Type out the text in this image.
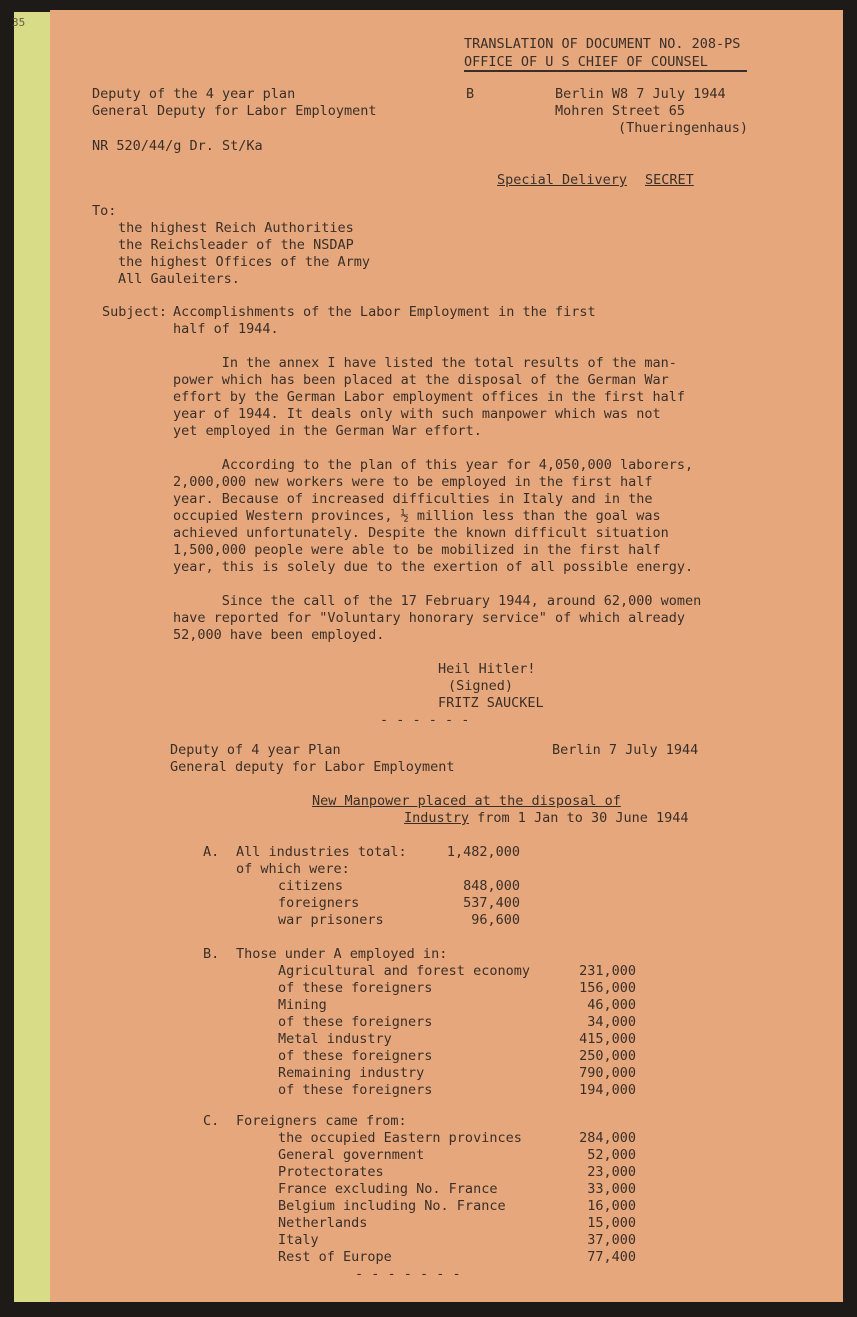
35
TRANSLATION OF DOCUMENT NO. 208-PS
OFFICE OF U S CHIEF OF COUNSEL
Deputy of the 4 year plan
General Deputy for Labor Employment
B	Berlin W8 7 July 1944
Mohren Street 65
(Thueringenhaus)
NR 520/44/g Dr. St/Ka
Special Delivery SECRET
To:
the highest Reich Authorities
the Reichsleader of the NSDAP
the highest Offices of the Army
All Gauleiters.
Subject: Accomplishments of the Labor Employment in the first
half of 1944.
In the annex I have listed the total results of the man-
power which has been placed at the disposal of the German War
effort by the German Labor employment offices in the first half
year of 1944. It deals only with such manpower which was not
yet employed in the German War effort.
According to the plan of this year for 4,050,000 laborers,
2,000,000 new workers were to be employed in the first half
year. Because of increased difficulties in Italy and in the
occupied Western provinces, ½ million less than the goal was
achieved unfortunately. Despite the known difficult situation
1,500,000 people were able to be mobilized in the first half
year, this is solely due to the exertion of all possible energy.
Since the call of the 17 February 1944, around 62,000 women
have reported for "Voluntary honorary service" of which already
52,000 have been employed.
Heil Hitler!
(Signed)
FRITZ SAUCKEL
- - - - - -
Deputy of 4 year Plan
General deputy for Labor Employment
Berlin 7 July 1944
New Manpower placed at the disposal of
Industry from 1 Jan to 30 June 1944
A. All industries total:	1,482,000
of which were:
citizens	848,000
foreigners	537,400
war prisoners	96,600
B. Those under A employed in:
Agricultural and forest economy	231,000
of these foreigners	156,000
Mining	46,000
of these foreigners	34,000
Metal industry	415,000
of these foreigners	250,000
Remaining industry	790,000
of these foreigners	194,000
C. Foreigners came from:
the occupied Eastern provinces	284,000
General government	52,000
Protectorates	23,000
France excluding No. France	33,000
Belgium including No. France	16,000
Netherlands	15,000
Italy	37,000
Rest of Europe	77,400
- - - - - - -
